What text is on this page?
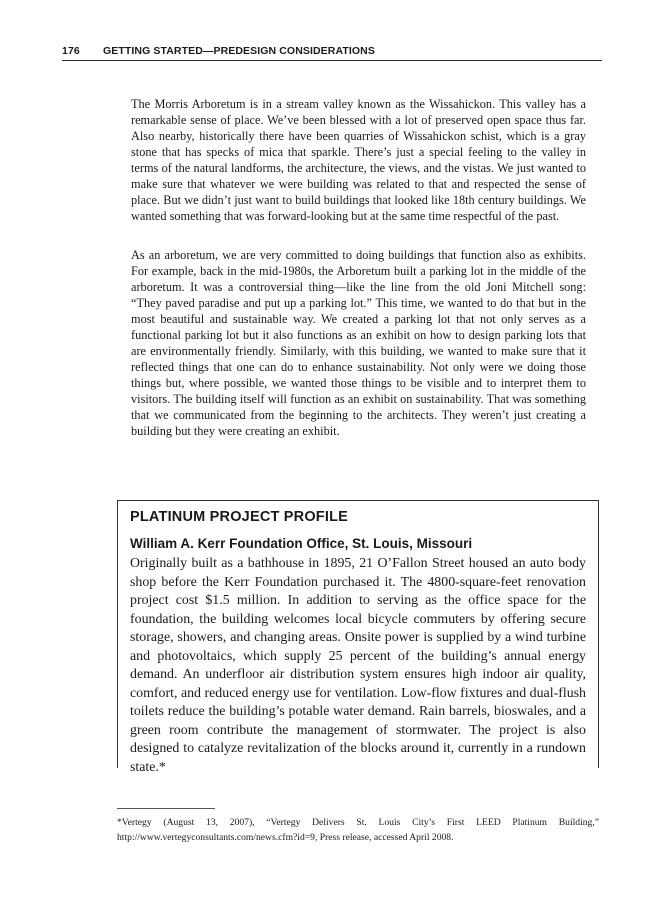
176 GETTING STARTED—PREDESIGN CONSIDERATIONS

The Morris Arboretum is in a stream valley known as the Wissahickon. This valley has a remarkable sense of place. We’ve been blessed with a lot of preserved open space thus far. Also nearby, historically there have been quarries of Wissahickon schist, which is a gray stone that has specks of mica that sparkle. There’s just a special feeling to the valley in terms of the natural landforms, the architecture, the views, and the vistas. We just wanted to make sure that whatever we were building was related to that and respected the sense of place. But we didn’t just want to build buildings that looked like 18th century buildings. We wanted something that was forward-looking but at the same time respectful of the past.

As an arboretum, we are very committed to doing buildings that function also as exhibits. For example, back in the mid-1980s, the Arboretum built a parking lot in the middle of the arboretum. It was a controversial thing—like the line from the old Joni Mitchell song: “They paved paradise and put up a parking lot.” This time, we wanted to do that but in the most beautiful and sustainable way. We created a parking lot that not only serves as a functional parking lot but it also functions as an exhibit on how to design parking lots that are environmentally friendly. Similarly, with this building, we wanted to make sure that it reflected things that one can do to enhance sustainability. Not only were we doing those things but, where possible, we wanted those things to be visible and to interpret them to visitors. The building itself will function as an exhibit on sustainability. That was something that we communicated from the beginning to the architects. They weren’t just creating a building but they were creating an exhibit.

PLATINUM PROJECT PROFILE
William A. Kerr Foundation Office, St. Louis, Missouri

Originally built as a bathhouse in 1895, 21 O’Fallon Street housed an auto body shop before the Kerr Foundation purchased it. The 4800-square-feet renovation project cost $1.5 million. In addition to serving as the office space for the foundation, the building welcomes local bicycle commuters by offering secure storage, showers, and changing areas. Onsite power is supplied by a wind turbine and photovoltaics, which supply 25 percent of the building’s annual energy demand. An underfloor air distribution system ensures high indoor air quality, comfort, and reduced energy use for ventilation. Low-flow fixtures and dual-flush toilets reduce the building’s potable water demand. Rain barrels, bioswales, and a green room contribute the management of stormwater. The project is also designed to catalyze revitalization of the blocks around it, currently in a rundown state.*

*Vertegy (August 13, 2007), “Vertegy Delivers St. Louis City’s First LEED Platinum Building,” http://www.vertegyconsultants.com/news.cfm?id=9, Press release, accessed April 2008.
